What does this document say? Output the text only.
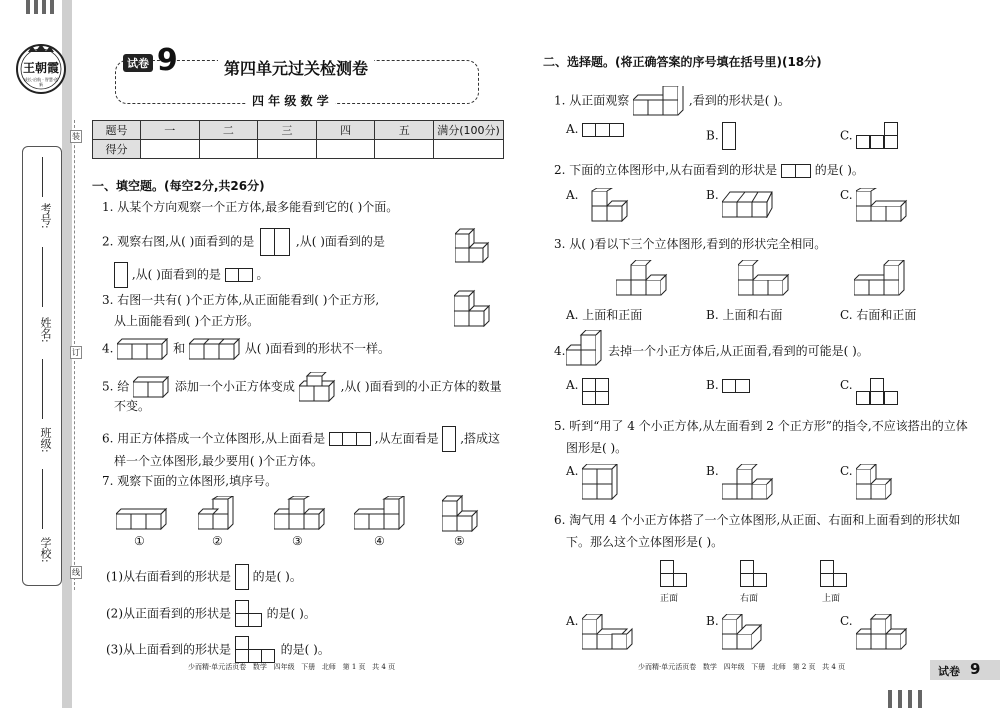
王朝霞
成长·启航 · 智慧·创新
考号:
姓名:
班级:
学校:
装
订
线
试卷 9	第四单元过关检测卷
四 年 级 数 学
题号	一	二	三	四	五	满分(100分)
得分						
一、填空题。(每空2分,共26分)
1. 从某个方向观察一个正方体,最多能看到它的( )个面。
2. 观察右图,从( )面看到的是	,从( )面看到的是
,从( )面看到的是	。
3. 右图一共有( )个正方体,从正面能看到( )个正方形,
从上面能看到( )个正方形。
4.	和	从( )面看到的形状不一样。
5. 给	添加一个小正方体变成	,从( )面看到的小正方体的数量
不变。
6. 用正方体搭成一个立体图形,从上面看是	,从左面看是 ,搭成这
样一个立体图形,最少要用( )个正方体。
7. 观察下面的立体图形,填序号。
①	②	③	④	⑤
(1)从右面看到的形状是 的是( )。
(2)从正面看到的形状是	的是( )。
(3)从上面看到的形状是	的是( )。
少而精·单元活页卷   数学   四年级   下册   北师   第 1 页   共 4 页
二、选择题。(将正确答案的序号填在括号里)(18分)
1. 从正面观察	,看到的形状是( )。
A.	B.	C.
2. 下面的立体图形中,从右面看到的形状是	的是( )。
A.	B.	C.
3. 从( )看以下三个立体图形,看到的形状完全相同。
A. 上面和正面	B. 上面和右面	C. 右面和正面
4.	去掉一个小正方体后,从正面看,看到的可能是( )。
A.	B.	C.
5. 听到“用了 4 个小正方体,从左面看到 2 个正方形”的指令,不应该搭出的立体
图形是( )。
A.	B.	C.
6. 淘气用 4 个小正方体搭了一个立体图形,从正面、右面和上面看到的形状如
下。那么这个立体图形是( )。
正面	右面	上面
A.	B.	C.
少而精·单元活页卷   数学   四年级   下册   北师   第 2 页   共 4 页	试卷 9
